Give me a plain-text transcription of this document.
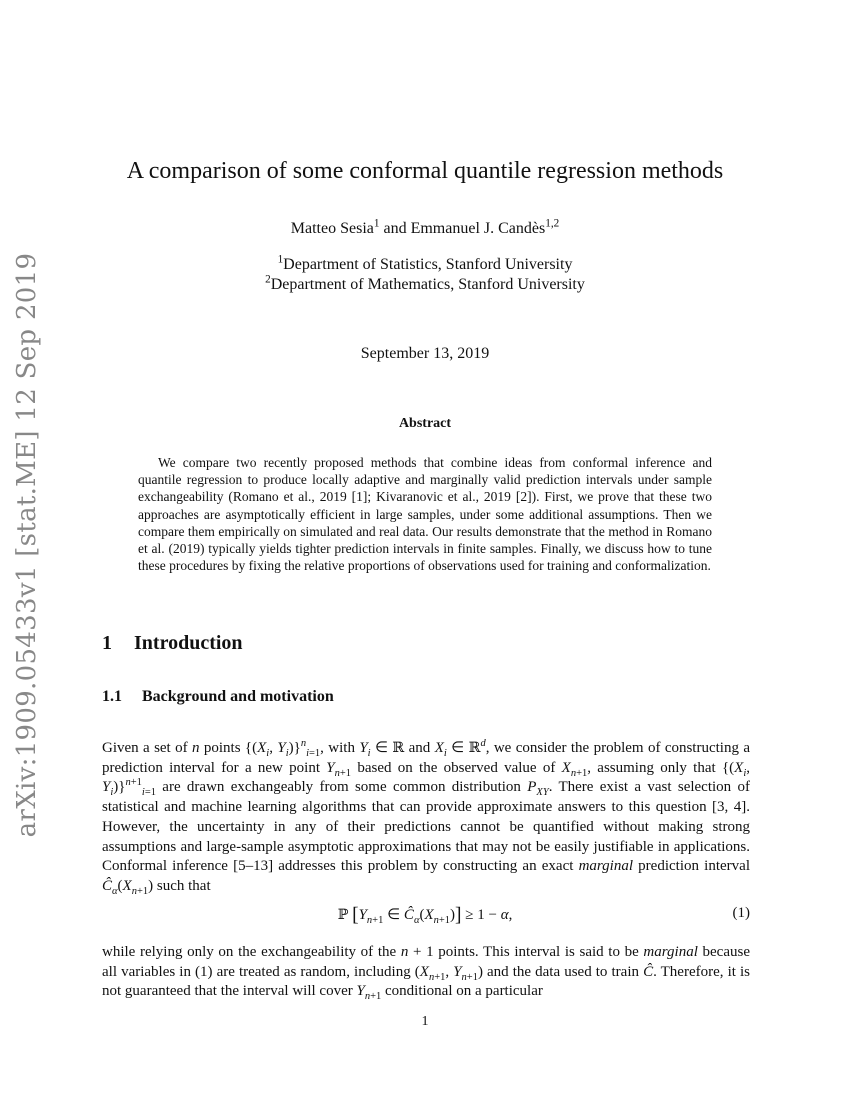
arXiv:1909.05433v1 [stat.ME] 12 Sep 2019
A comparison of some conformal quantile regression methods
Matteo Sesia$^1$ and Emmanuel J. Candès$^{1,2}$
$^1$Department of Statistics, Stanford University
$^2$Department of Mathematics, Stanford University
September 13, 2019
Abstract
We compare two recently proposed methods that combine ideas from conformal inference and quantile regression to produce locally adaptive and marginally valid prediction intervals under sample exchangeability (Romano et al., 2019 [1]; Kivaranovic et al., 2019 [2]). First, we prove that these two approaches are asymptotically efficient in large samples, under some additional assumptions. Then we compare them empirically on simulated and real data. Our results demonstrate that the method in Romano et al. (2019) typically yields tighter prediction intervals in finite samples. Finally, we discuss how to tune these procedures by fixing the relative proportions of observations used for training and conformalization.
1 Introduction
1.1 Background and motivation
Given a set of n points {($X_i$, $Y_i)\}^n_{i=1}$, with $Y_i$ ∈ ℝ and $X_i$ ∈ ℝ$^d$, we consider the problem of constructing a prediction interval for a new point $Y_{n+1}$ based on the observed value of $X_{n+1}$, assuming only that {($X_i$, $Y_i)\}^{n+1}_{i=1}$ are drawn exchangeably from some common distribution $P_{XY}$. There exist a vast selection of statistical and machine learning algorithms that can provide approximate answers to this question [3, 4]. However, the uncertainty in any of their predictions cannot be quantified without making strong assumptions and large-sample asymptotic approximations that may not be easily justifiable in applications. Conformal inference [5–13] addresses this problem by constructing an exact marginal prediction interval $Ĉ_\alpha(X_{n+1})$ such that
ℙ [$Y_{n+1}$ ∈ $Ĉ_\alpha(X_{n+1})] \ge 1 - \alpha$,	(1)
while relying only on the exchangeability of the n + 1 points. This interval is said to be marginal because all variables in (1) are treated as random, including ($X_{n+1}$, $Y_{n+1}$) and the data used to train Ĉ. Therefore, it is not guaranteed that the interval will cover $Y_{n+1}$ conditional on a particular
1
